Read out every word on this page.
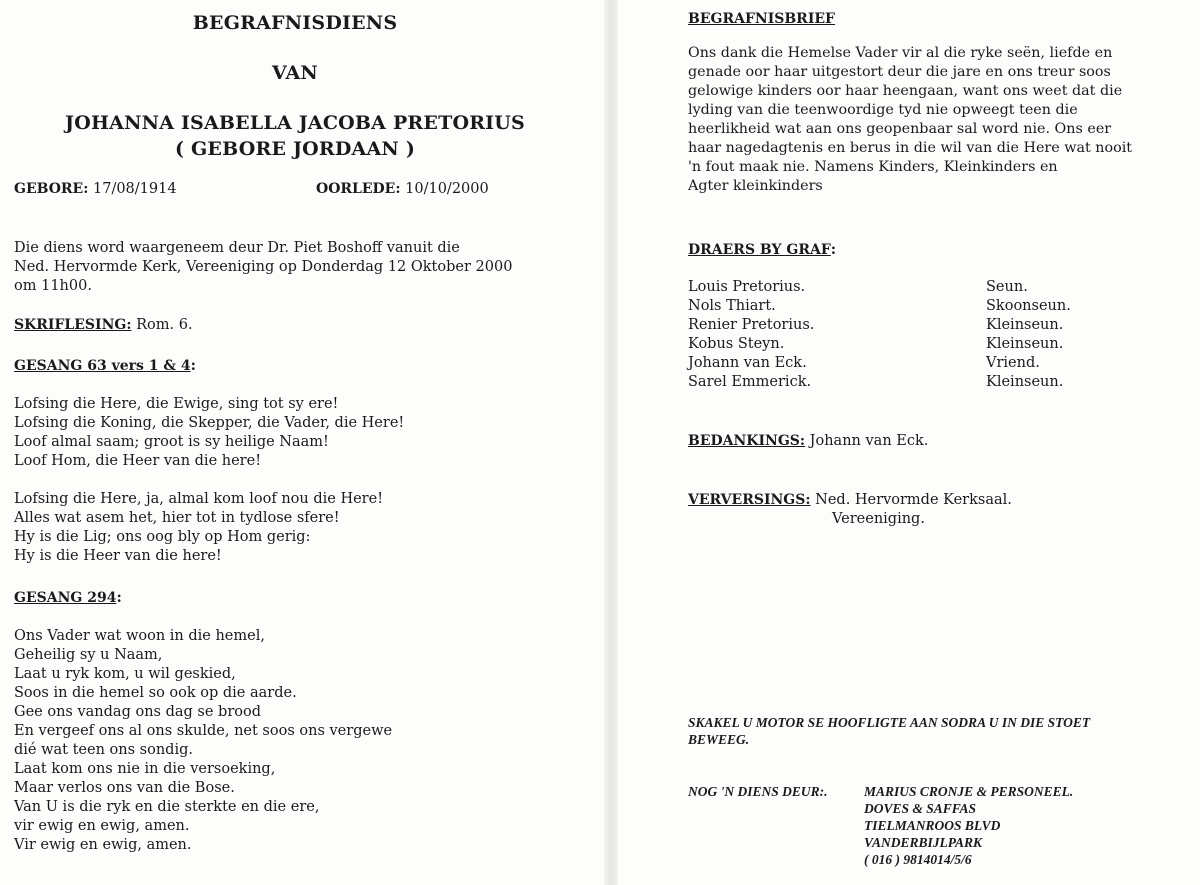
BEGRAFNISDIENS
VAN
JOHANNA ISABELLA JACOBA PRETORIUS
( GEBORE JORDAAN )
GEBORE: 17/08/1914	OORLEDE: 10/10/2000
Die diens word waargeneem deur Dr. Piet Boshoff vanuit die
Ned. Hervormde Kerk, Vereeniging op Donderdag 12 Oktober 2000
om 11h00.
SKRIFLESING: Rom. 6.
GESANG 63 vers 1 & 4:
Lofsing die Here, die Ewige, sing tot sy ere!
Lofsing die Koning, die Skepper, die Vader, die Here!
Loof almal saam; groot is sy heilige Naam!
Loof Hom, die Heer van die here!
Lofsing die Here, ja, almal kom loof nou die Here!
Alles wat asem het, hier tot in tydlose sfere!
Hy is die Lig; ons oog bly op Hom gerig:
Hy is die Heer van die here!
GESANG 294:
Ons Vader wat woon in die hemel,
Geheilig sy u Naam,
Laat u ryk kom, u wil geskied,
Soos in die hemel so ook op die aarde.
Gee ons vandag ons dag se brood
En vergeef ons al ons skulde, net soos ons vergewe
dié wat teen ons sondig.
Laat kom ons nie in die versoeking,
Maar verlos ons van die Bose.
Van U is die ryk en die sterkte en die ere,
vir ewig en ewig, amen.
Vir ewig en ewig, amen.
BEGRAFNISBRIEF
Ons dank die Hemelse Vader vir al die ryke seën, liefde en
genade oor haar uitgestort deur die jare en ons treur soos
gelowige kinders oor haar heengaan, want ons weet dat die
lyding van die teenwoordige tyd nie opweegt teen die
heerlikheid wat aan ons geopenbaar sal word nie. Ons eer
haar nagedagtenis en berus in die wil van die Here wat nooit
'n fout maak nie. Namens Kinders, Kleinkinders en
Agter kleinkinders
DRAERS BY GRAF:
Louis Pretorius.
Nols Thiart.
Renier Pretorius.
Kobus Steyn.
Johann van Eck.
Sarel Emmerick.
Seun.
Skoonseun.
Kleinseun.
Kleinseun.
Vriend.
Kleinseun.
BEDANKINGS: Johann van Eck.
VERVERSINGS: Ned. Hervormde Kerksaal.
Vereeniging.
SKAKEL U MOTOR SE HOOFLIGTE AAN SODRA U IN DIE STOET
BEWEEG.
NOG 'N DIENS DEUR:.	MARIUS CRONJE & PERSONEEL.
DOVES & SAFFAS
TIELMANROOS BLVD
VANDERBIJLPARK
( 016 ) 9814014/5/6
